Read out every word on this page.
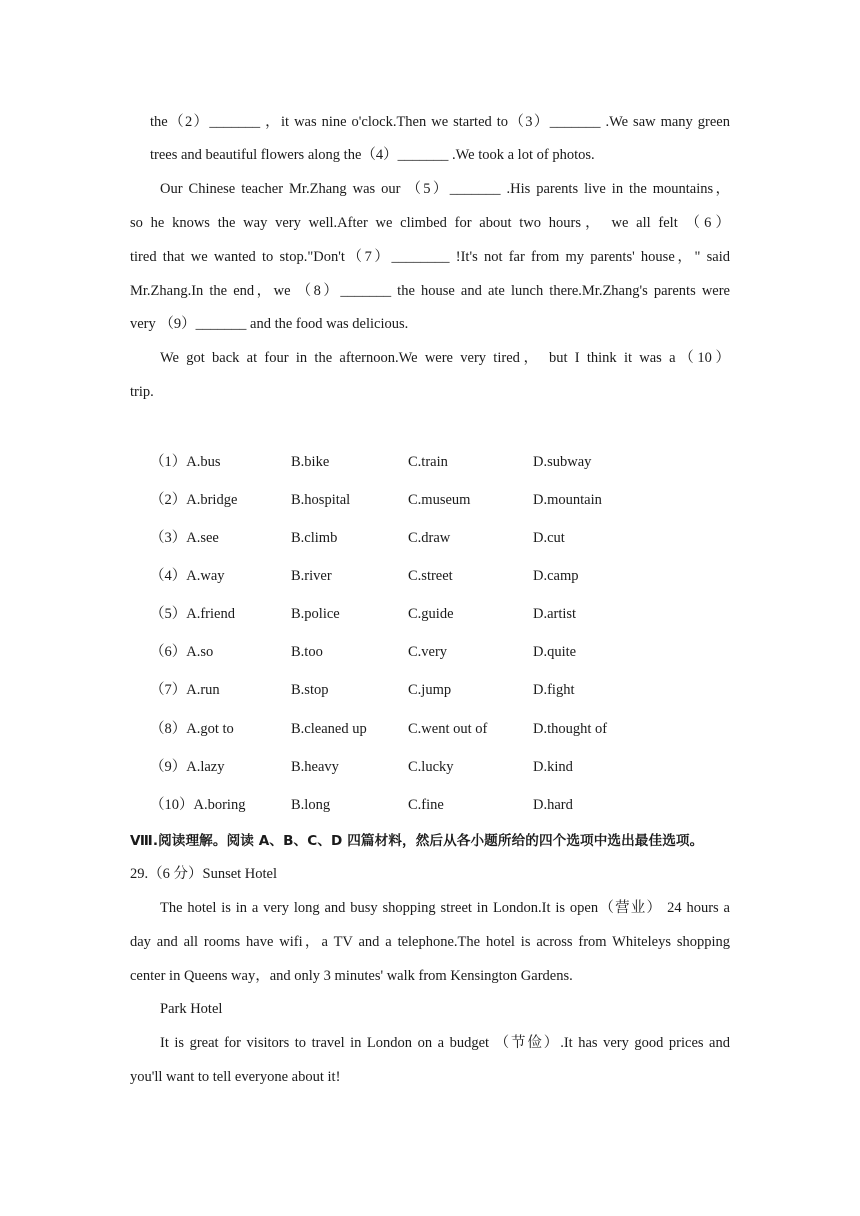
the（2）_______ ，it was nine o'clock.Then we started to（3）_______ .We saw many green
trees and beautiful flowers along the（4）_______ .We took a lot of photos.
Our Chinese teacher Mr.Zhang was our （5）_______ .His parents live in the mountains，
so he knows the way very well.After we climbed for about two hours， we all felt （6）
tired that we wanted to stop."Don't（7）________ !It's not far from my parents' house，" said
Mr.Zhang.In the end，we （8）_______ the house and ate lunch there.Mr.Zhang's parents were
very （9）_______ and the food was delicious.
We got back at four in the afternoon.We were very tired， but I think it was a（10）
trip.
（1）A.bus	B.bike	C.train	D.subway
（2）A.bridge	B.hospital	C.museum	D.mountain
（3）A.see	B.climb	C.draw	D.cut
（4）A.way	B.river	C.street	D.camp
（5）A.friend	B.police	C.guide	D.artist
（6）A.so	B.too	C.very	D.quite
（7）A.run	B.stop	C.jump	D.fight
（8）A.got to	B.cleaned up	C.went out of	D.thought of
（9）A.lazy	B.heavy	C.lucky	D.kind
（10）A.boring	B.long	C.fine	D.hard
Ⅷ.阅读理解。阅读 A、B、C、D 四篇材料，然后从各小题所给的四个选项中选出最佳选项。
29.（6 分）Sunset Hotel
The hotel is in a very long and busy shopping street in London.It is open（营业） 24 hours a
day and all rooms have wifi，a TV and a telephone.The hotel is across from Whiteleys shopping
center in Queens way，and only 3 minutes' walk from Kensington Gardens.
Park Hotel
It is great for visitors to travel in London on a budget （节俭）.It has very good prices and
you'll want to tell everyone about it!
